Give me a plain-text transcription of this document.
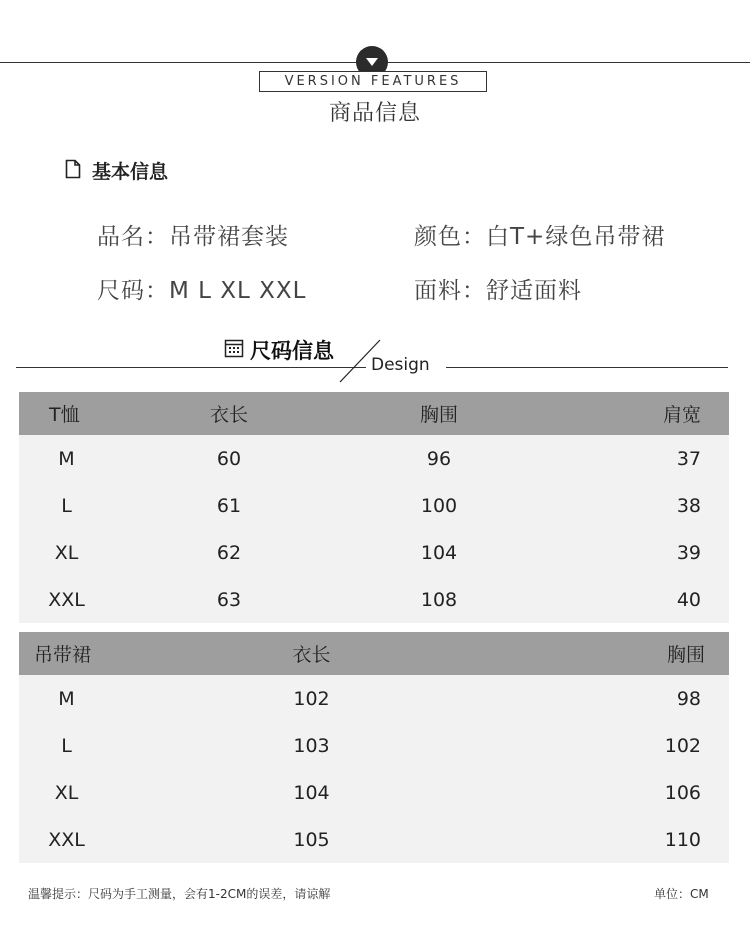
VERSION FEATURES
商品信息
基本信息
品名：吊带裙套装	颜色：白T+绿色吊带裙
尺码：M L XL XXL	面料：舒适面料
尺码信息
Design
T恤	衣长	胸围	肩宽
M	60	96	37
L	61	100	38
XL	62	104	39
XXL	63	108	40
吊带裙	衣长	胸围
M	102	98
L	103	102
XL	104	106
XXL	105	110
温馨提示：尺码为手工测量，会有1-2CM的误差，请谅解	单位：CM
